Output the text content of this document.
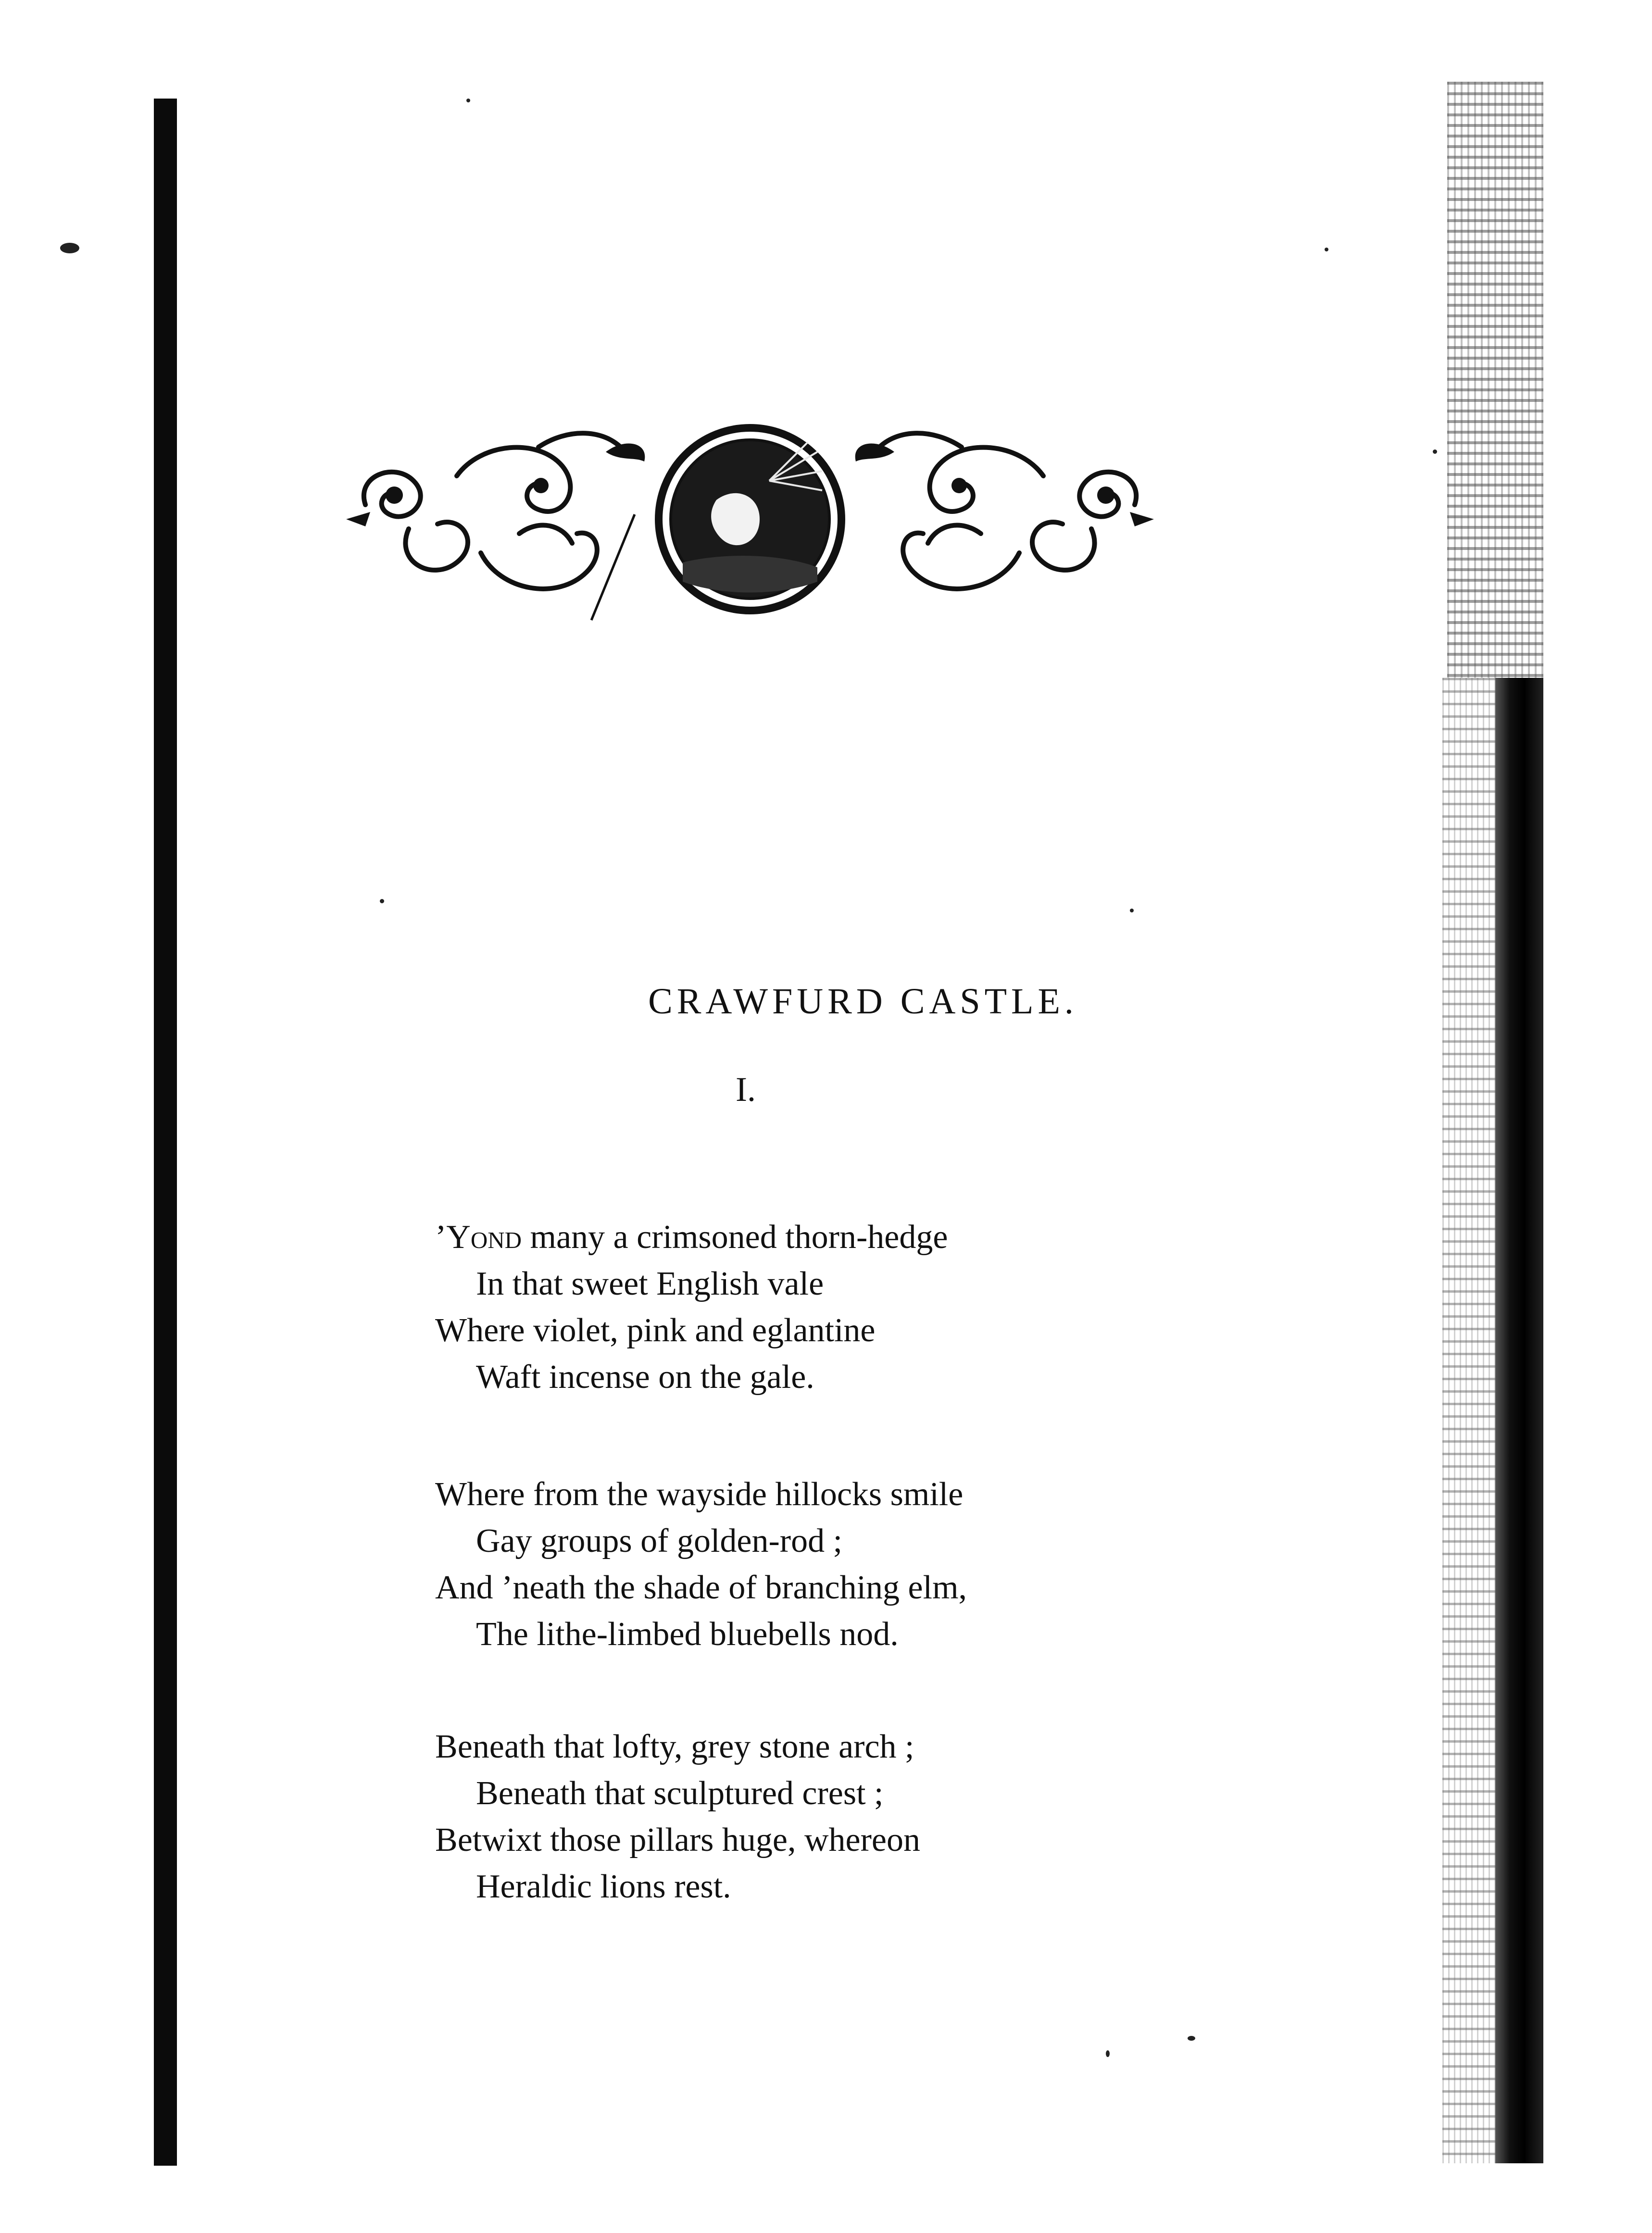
CRAWFURD CASTLE.
I.
’Yond many a crimsoned thorn-hedge
In that sweet English vale
Where violet, pink and eglantine
Waft incense on the gale.
Where from the wayside hillocks smile
Gay groups of golden-rod ;
And ’neath the shade of branching elm,
The lithe-limbed bluebells nod.
Beneath that lofty, grey stone arch ;
Beneath that sculptured crest ;
Betwixt those pillars huge, whereon
Heraldic lions rest.
